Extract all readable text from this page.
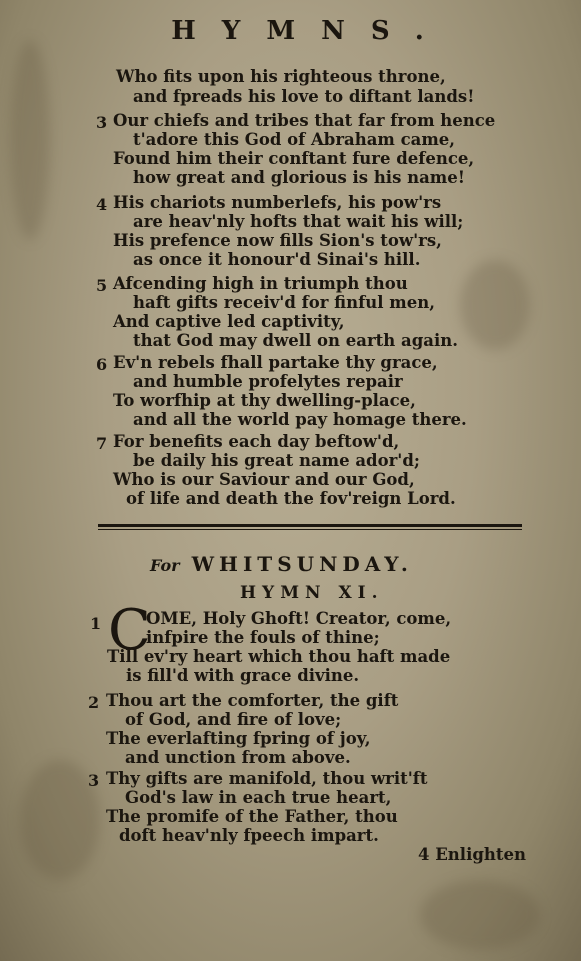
HYMNS.
Who fits upon his righteous throne,
and fpreads his love to diftant lands!
3 Our chiefs and tribes that far from hence
t'adore this God of Abraham came,
Found him their conftant fure defence,
how great and glorious is his name!
4 His chariots numberlefs, his pow'rs
are heav'nly hofts that wait his will;
His prefence now fills Sion's tow'rs,
as once it honour'd Sinai's hill.
5 Afcending high in triumph thou
haft gifts receiv'd for finful men,
And captive led captivity,
that God may dwell on earth again.
6 Ev'n rebels fhall partake thy grace,
and humble profelytes repair
To worfhip at thy dwelling-place,
and all the world pay homage there.
7 For benefits each day beftow'd,
be daily his great name ador'd;
Who is our Saviour and our God,
of life and death the fov'reign Lord.
For WHITSUNDAY.
HYMN XI.
1 C
OME, Holy Ghoft! Creator, come,
infpire the fouls of thine;
Till ev'ry heart which thou haft made
is fill'd with grace divine.
2 Thou art the comforter, the gift
of God, and fire of love;
The everlafting fpring of joy,
and unction from above.
3 Thy gifts are manifold, thou writ'ft
God's law in each true heart,
The promife of the Father, thou
doft heav'nly fpeech impart.
4 Enlighten
